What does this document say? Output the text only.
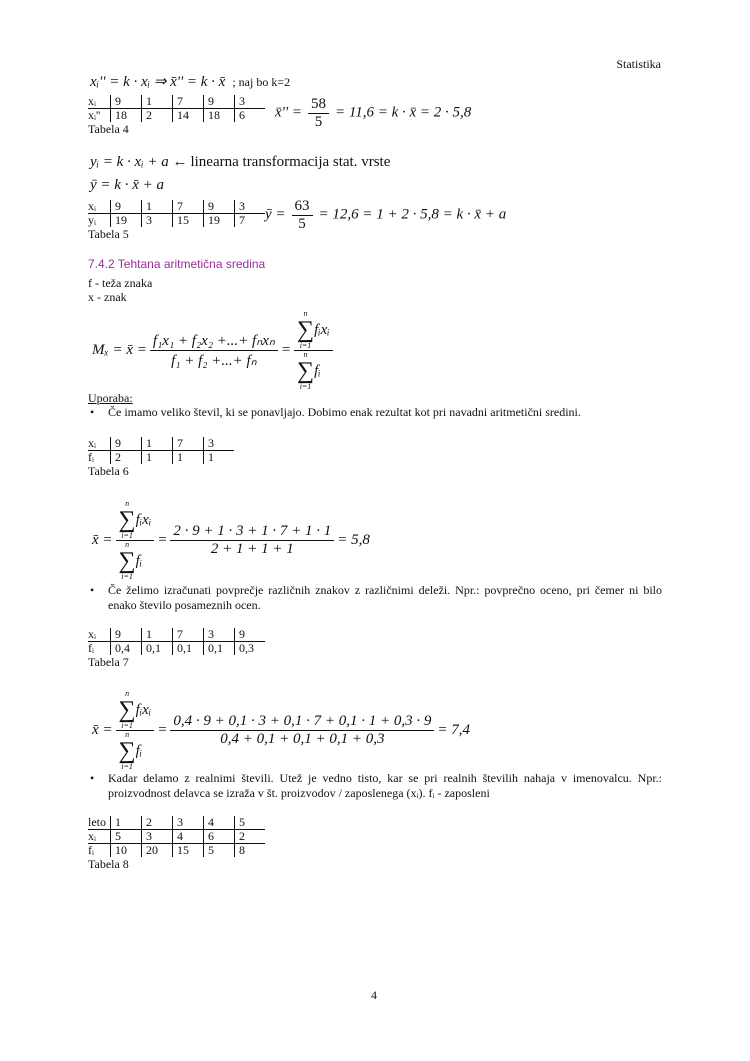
Statistika
xᵢ'' = k · xᵢ ⇒ x̄'' = k · x̄ ; naj bo k=2
xᵢ	9	1	7	9	3
xᵢ''	18	2	14	18	6
Tabela 4
x̄'' = $\frac{58}{5} = 11,6 = k$ · x̄ = 2 · 5,8
yᵢ = k · xᵢ + a ← linearna transformacija stat. vrste
ȳ = k · x̄ + a
xᵢ	9	1	7	9	3
yᵢ	19	3	15	19	7
Tabela 5
ȳ = $\frac{63}{5} = 12,6 = 1 + 2 \cdot 5,8 = k$ · x̄ + a
7.4.2 Tehtana aritmetična sredina
f - teža znaka
x - znak
Mₓ = x̄ = $\frac{\text{f₁x₁ + f₂x₂ +...+ fₙxₙ}}{\text{f₁ + f₂ +...+ fₙ}} = n$
∑
i=1
fᵢxᵢ
n
∑
i=1
fᵢ
Uporaba:
• Če imamo veliko števil, ki se ponavljajo. Dobimo enak rezultat kot pri navadni aritmetični sredini.
xᵢ	9	1	7	3
fᵢ	2	1	1	1
Tabela 6
x̄ = n
∑
i=1
fᵢxᵢ
n
∑
i=1
fᵢ = $\frac{2 \cdot 9 + 1 \cdot 3 + 1 \cdot 7 + 1 \cdot 1}{2 + 1 + 1 + 1} = 5,8$
• Če želimo izračunati povprečje različnih znakov z različnimi deleži. Npr.: povprečno oceno, pri čemer ni bilo enako število posameznih ocen.
xᵢ	9	1	7	3	9
fᵢ	0,4	0,1	0,1	0,1	0,3
Tabela 7
x̄ = n
∑
i=1
fᵢxᵢ
n
∑
i=1
fᵢ = $\frac{0,4 \cdot 9 + 0,1 \cdot 3 + 0,1 \cdot 7 + 0,1 \cdot 1 + 0,3 \cdot 9}{0,4 + 0,1 + 0,1 + 0,1 + 0,3} = 7,4$
• Kadar delamo z realnimi števili. Utež je vedno tisto, kar se pri realnih številih nahaja v imenovalcu. Npr.: proizvodnost delavca se izraža v št. proizvodov / zaposlenega (xᵢ). fᵢ - zaposleni
leto	1	2	3	4	5
xᵢ	5	3	4	6	2
fᵢ	10	20	15	5	8
Tabela 8
4
